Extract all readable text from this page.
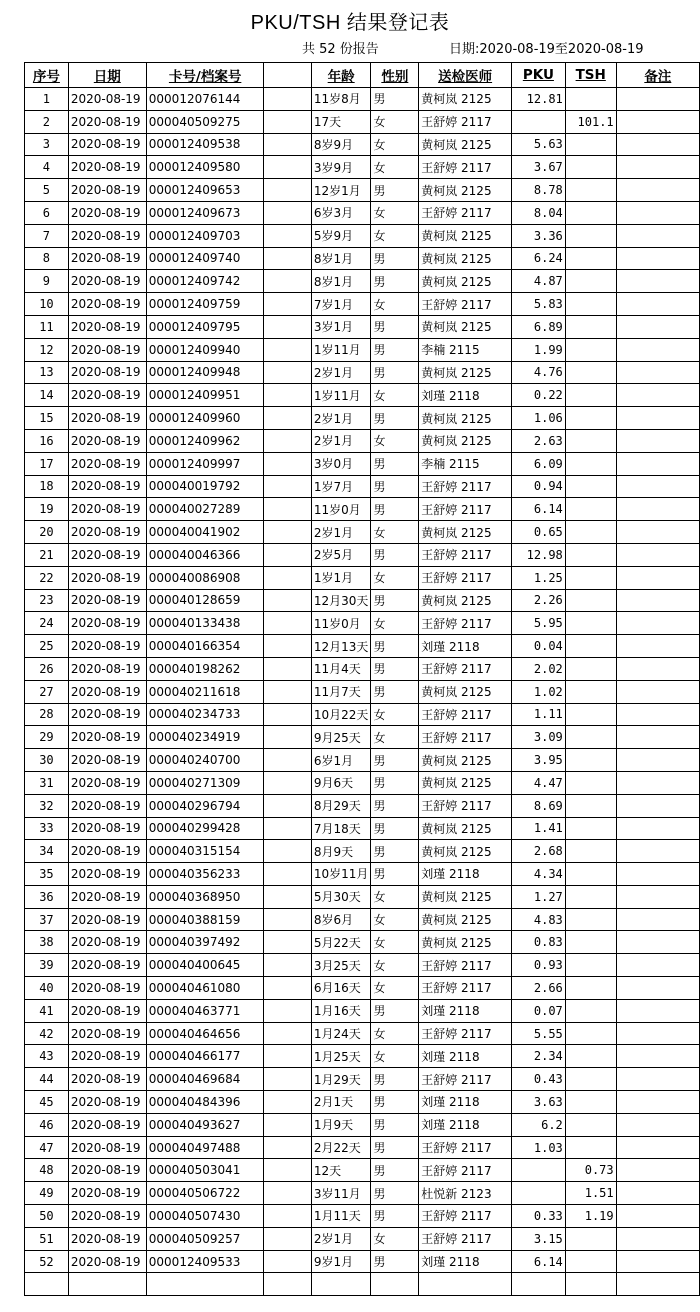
PKU/TSH 结果登记表
共 52 份报告	日期:2020-08-19至2020-08-19
序号	日期	卡号/档案号		年龄	性别	送检医师	PKU	TSH	备注
1	2020-08-19	000012076144		11岁8月	男	黄柯岚 2125	12.81		
2	2020-08-19	000040509275		17天	女	王舒婷 2117		101.1	
3	2020-08-19	000012409538		8岁9月	女	黄柯岚 2125	5.63		
4	2020-08-19	000012409580		3岁9月	女	王舒婷 2117	3.67		
5	2020-08-19	000012409653		12岁1月	男	黄柯岚 2125	8.78		
6	2020-08-19	000012409673		6岁3月	女	王舒婷 2117	8.04		
7	2020-08-19	000012409703		5岁9月	女	黄柯岚 2125	3.36		
8	2020-08-19	000012409740		8岁1月	男	黄柯岚 2125	6.24		
9	2020-08-19	000012409742		8岁1月	男	黄柯岚 2125	4.87		
10	2020-08-19	000012409759		7岁1月	女	王舒婷 2117	5.83		
11	2020-08-19	000012409795		3岁1月	男	黄柯岚 2125	6.89		
12	2020-08-19	000012409940		1岁11月	男	李楠 2115	1.99		
13	2020-08-19	000012409948		2岁1月	男	黄柯岚 2125	4.76		
14	2020-08-19	000012409951		1岁11月	女	刘瑾 2118	0.22		
15	2020-08-19	000012409960		2岁1月	男	黄柯岚 2125	1.06		
16	2020-08-19	000012409962		2岁1月	女	黄柯岚 2125	2.63		
17	2020-08-19	000012409997		3岁0月	男	李楠 2115	6.09		
18	2020-08-19	000040019792		1岁7月	男	王舒婷 2117	0.94		
19	2020-08-19	000040027289		11岁0月	男	王舒婷 2117	6.14		
20	2020-08-19	000040041902		2岁1月	女	黄柯岚 2125	0.65		
21	2020-08-19	000040046366		2岁5月	男	王舒婷 2117	12.98		
22	2020-08-19	000040086908		1岁1月	女	王舒婷 2117	1.25		
23	2020-08-19	000040128659		12月30天	男	黄柯岚 2125	2.26		
24	2020-08-19	000040133438		11岁0月	女	王舒婷 2117	5.95		
25	2020-08-19	000040166354		12月13天	男	刘瑾 2118	0.04		
26	2020-08-19	000040198262		11月4天	男	王舒婷 2117	2.02		
27	2020-08-19	000040211618		11月7天	男	黄柯岚 2125	1.02		
28	2020-08-19	000040234733		10月22天	女	王舒婷 2117	1.11		
29	2020-08-19	000040234919		9月25天	女	王舒婷 2117	3.09		
30	2020-08-19	000040240700		6岁1月	男	黄柯岚 2125	3.95		
31	2020-08-19	000040271309		9月6天	男	黄柯岚 2125	4.47		
32	2020-08-19	000040296794		8月29天	男	王舒婷 2117	8.69		
33	2020-08-19	000040299428		7月18天	男	黄柯岚 2125	1.41		
34	2020-08-19	000040315154		8月9天	男	黄柯岚 2125	2.68		
35	2020-08-19	000040356233		10岁11月	男	刘瑾 2118	4.34		
36	2020-08-19	000040368950		5月30天	女	黄柯岚 2125	1.27		
37	2020-08-19	000040388159		8岁6月	女	黄柯岚 2125	4.83		
38	2020-08-19	000040397492		5月22天	女	黄柯岚 2125	0.83		
39	2020-08-19	000040400645		3月25天	女	王舒婷 2117	0.93		
40	2020-08-19	000040461080		6月16天	女	王舒婷 2117	2.66		
41	2020-08-19	000040463771		1月16天	男	刘瑾 2118	0.07		
42	2020-08-19	000040464656		1月24天	女	王舒婷 2117	5.55		
43	2020-08-19	000040466177		1月25天	女	刘瑾 2118	2.34		
44	2020-08-19	000040469684		1月29天	男	王舒婷 2117	0.43		
45	2020-08-19	000040484396		2月1天	男	刘瑾 2118	3.63		
46	2020-08-19	000040493627		1月9天	男	刘瑾 2118	6.2		
47	2020-08-19	000040497488		2月22天	男	王舒婷 2117	1.03		
48	2020-08-19	000040503041		12天	男	王舒婷 2117		0.73	
49	2020-08-19	000040506722		3岁11月	男	杜悦新 2123		1.51	
50	2020-08-19	000040507430		1月11天	男	王舒婷 2117	0.33	1.19	
51	2020-08-19	000040509257		2岁1月	女	王舒婷 2117	3.15		
52	2020-08-19	000012409533		9岁1月	男	刘瑾 2118	6.14		
